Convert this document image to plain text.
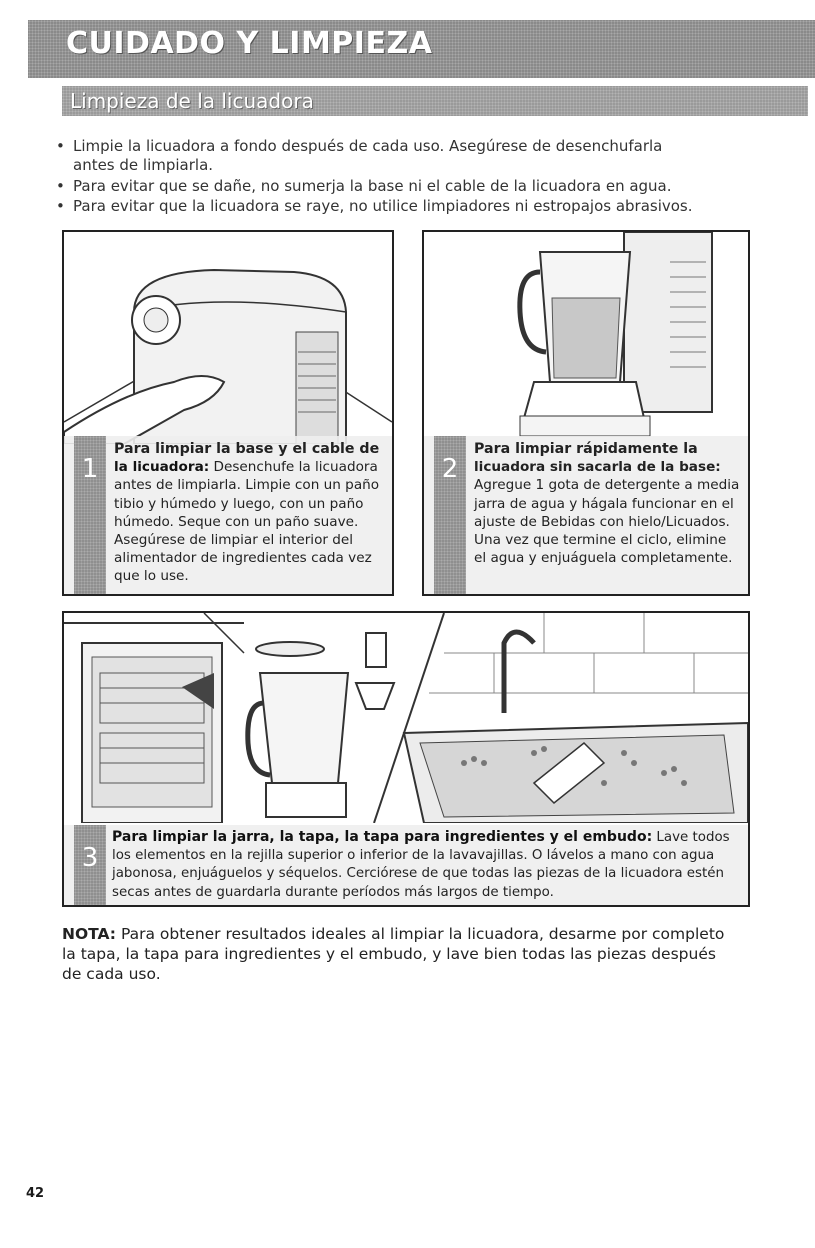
CUIDADO Y LIMPIEZA
Limpieza de la licuadora
• Limpie la licuadora a fondo después de cada uso. Asegúrese de desenchufarla
antes de limpiarla.
• Para evitar que se dañe, no sumerja la base ni el cable de la licuadora en agua.
• Para evitar que la licuadora se raye, no utilice limpiadores ni estropajos abrasivos.
1
Para limpiar la base y el cable de
la licuadora: Desenchufe la licuadora
antes de limpiarla. Limpie con un paño
tibio y húmedo y luego, con un paño
húmedo. Seque con un paño suave.
Asegúrese de limpiar el interior del
alimentador de ingredientes cada vez
que lo use.
2
Para limpiar rápidamente la
licuadora sin sacarla de la base:
Agregue 1 gota de detergente a media
jarra de agua y hágala funcionar en el
ajuste de Bebidas con hielo/Licuados.
Una vez que termine el ciclo, elimine
el agua y enjuáguela completamente.
3
Para limpiar la jarra, la tapa, la tapa para ingredientes y el embudo: Lave todos
los elementos en la rejilla superior o inferior de la lavavajillas. O lávelos a mano con agua
jabonosa, enjuáguelos y séquelos. Cerciórese de que todas las piezas de la licuadora estén
secas antes de guardarla durante períodos más largos de tiempo.
NOTA: Para obtener resultados ideales al limpiar la licuadora, desarme por completo
la tapa, la tapa para ingredientes y el embudo, y lave bien todas las piezas después
de cada uso.
42
